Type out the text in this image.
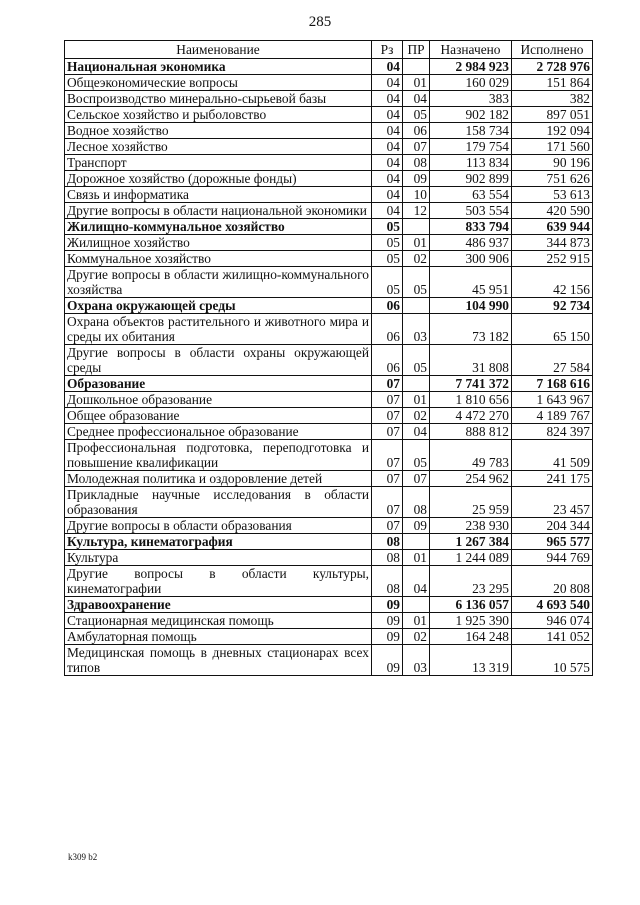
285
Наименование	Рз	ПР	Назначено	Исполнено
Национальная экономика	04		2 984 923	2 728 976
Общеэкономические вопросы	04	01	160 029	151 864
Воспроизводство минерально-сырьевой базы	04	04	383	382
Сельское хозяйство и рыболовство	04	05	902 182	897 051
Водное хозяйство	04	06	158 734	192 094
Лесное хозяйство	04	07	179 754	171 560
Транспорт	04	08	113 834	90 196
Дорожное хозяйство (дорожные фонды)	04	09	902 899	751 626
Связь и информатика	04	10	63 554	53 613
Другие вопросы в области национальной экономики	04	12	503 554	420 590
Жилищно-коммунальное хозяйство	05		833 794	639 944
Жилищное хозяйство	05	01	486 937	344 873
Коммунальное хозяйство	05	02	300 906	252 915
Другие вопросы в области жилищно-коммунального хозяйства	05	05	45 951	42 156
Охрана окружающей среды	06		104 990	92 734
Охрана объектов растительного и животного мира и среды их обитания	06	03	73 182	65 150
Другие вопросы в области охраны окружающей среды	06	05	31 808	27 584
Образование	07		7 741 372	7 168 616
Дошкольное образование	07	01	1 810 656	1 643 967
Общее образование	07	02	4 472 270	4 189 767
Среднее профессиональное образование	07	04	888 812	824 397
Профессиональная подготовка, переподготовка и повышение квалификации	07	05	49 783	41 509
Молодежная политика и оздоровление детей	07	07	254 962	241 175
Прикладные научные исследования в области образования	07	08	25 959	23 457
Другие вопросы в области образования	07	09	238 930	204 344
Культура, кинематография	08		1 267 384	965 577
Культура	08	01	1 244 089	944 769
Другие вопросы в области культуры, кинематографии	08	04	23 295	20 808
Здравоохранение	09		6 136 057	4 693 540
Стационарная медицинская помощь	09	01	1 925 390	946 074
Амбулаторная помощь	09	02	164 248	141 052
Медицинская помощь в дневных стационарах всех типов	09	03	13 319	10 575
k309 b2
